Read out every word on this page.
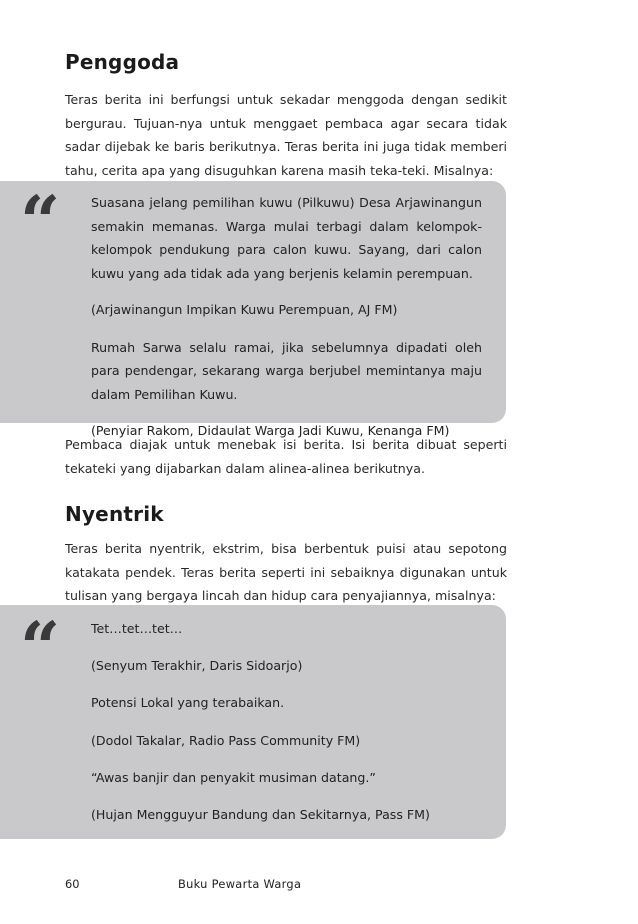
Penggoda

Teras berita ini berfungsi untuk sekadar menggoda dengan sedikit bergurau. Tujuan-nya untuk menggaet pembaca agar secara tidak sadar dijebak ke baris berikutnya. Teras berita ini juga tidak memberi tahu, cerita apa yang disuguhkan karena masih teka-teki. Misalnya:

“ Suasana jelang pemilihan kuwu (Pilkuwu) Desa Arjawinangun semakin memanas. Warga mulai terbagi dalam kelompok-kelompok pendukung para calon kuwu. Sayang, dari calon kuwu yang ada tidak ada yang berjenis kelamin perempuan.

(Arjawinangun Impikan Kuwu Perempuan, AJ FM)

Rumah Sarwa selalu ramai, jika sebelumnya dipadati oleh para pendengar, sekarang warga berjubel memintanya maju dalam Pemilihan Kuwu.

(Penyiar Rakom, Didaulat Warga Jadi Kuwu, Kenanga FM)

Pembaca diajak untuk menebak isi berita. Isi berita dibuat seperti tekateki yang dijabarkan dalam alinea-alinea berikutnya.

Nyentrik

Teras berita nyentrik, ekstrim, bisa berbentuk puisi atau sepotong katakata pendek. Teras berita seperti ini sebaiknya digunakan untuk tulisan yang bergaya lincah dan hidup cara penyajiannya, misalnya:

“ Tet…tet…tet…

(Senyum Terakhir, Daris Sidoarjo)

Potensi Lokal yang terabaikan.

(Dodol Takalar, Radio Pass Community FM)

“Awas banjir dan penyakit musiman datang.”

(Hujan Mengguyur Bandung dan Sekitarnya, Pass FM)

60	Buku Pewarta Warga
